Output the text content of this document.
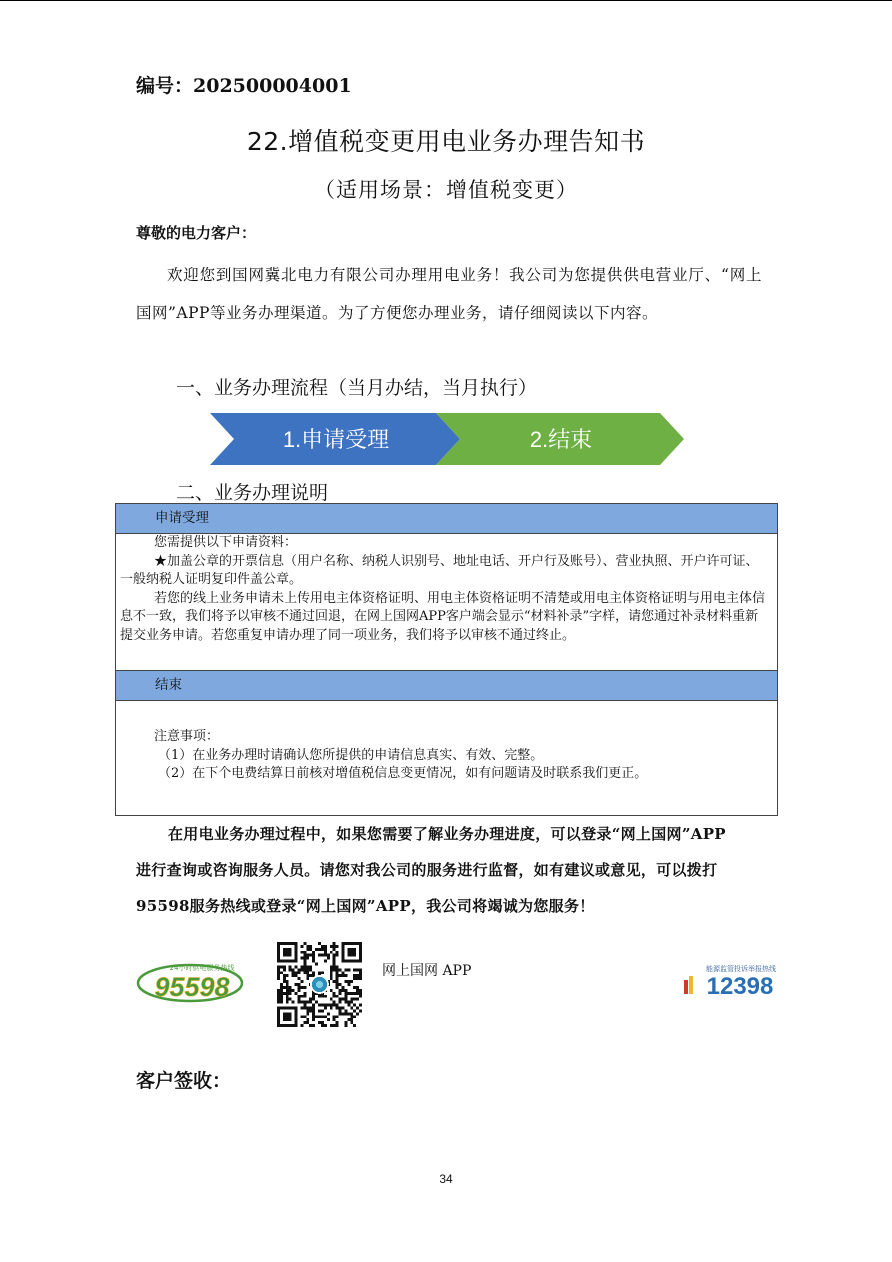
编号：202500004001
22.增值税变更用电业务办理告知书
（适用场景：增值税变更）
尊敬的电力客户：
欢迎您到国网冀北电力有限公司办理用电业务！我公司为您提供供电营业厅、“网上国网”APP等业务办理渠道。为了方便您办理业务，请仔细阅读以下内容。
一、业务办理流程（当月办结，当月执行）
1.申请受理	2.结束
二、业务办理说明
申请受理

您需提供以下申请资料：

★加盖公章的开票信息（用户名称、纳税人识别号、地址电话、开户行及账号）、营业执照、开户许可证、一般纳税人证明复印件盖公章。

若您的线上业务申请未上传用电主体资格证明、用电主体资格证明不清楚或用电主体资格证明与用电主体信息不一致，我们将予以审核不通过回退，在网上国网APP客户端会显示“材料补录”字样，请您通过补录材料重新提交业务申请。若您重复申请办理了同一项业务，我们将予以审核不通过终止。

结束

注意事项：

（1）在业务办理时请确认您所提供的申请信息真实、有效、完整。

（2）在下个电费结算日前核对增值税信息变更情况，如有问题请及时联系我们更正。

在用电业务办理过程中，如果您需要了解业务办理进度，可以登录“网上国网”APP

进行查询或咨询服务人员。请您对我公司的服务进行监督，如有建议或意见，可以拨打

95598服务热线或登录“网上国网”APP，我公司将竭诚为您服务！

24小时供电服务热线
95598
网上国网 APP	能源监管投诉举报热线
12398
客户签收：
34
